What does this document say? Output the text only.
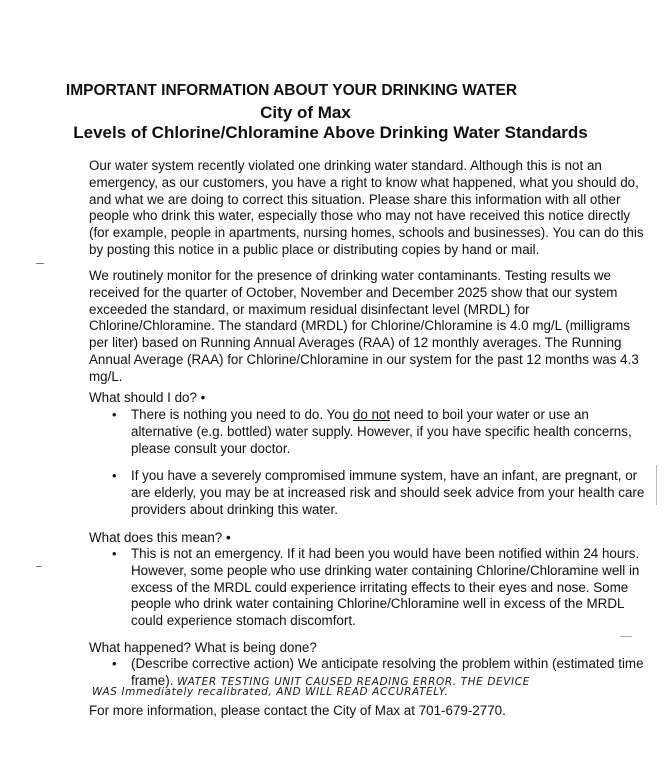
IMPORTANT INFORMATION ABOUT YOUR DRINKING WATER
City of Max
Levels of Chlorine/Chloramine Above Drinking Water Standards
Our water system recently violated one drinking water standard. Although this is not an emergency, as our customers, you have a right to know what happened, what you should do, and what we are doing to correct this situation. Please share this information with all other people who drink this water, especially those who may not have received this notice directly (for example, people in apartments, nursing homes, schools and businesses). You can do this by posting this notice in a public place or distributing copies by hand or mail.
We routinely monitor for the presence of drinking water contaminants. Testing results we received for the quarter of October, November and December 2025 show that our system exceeded the standard, or maximum residual disinfectant level (MRDL) for Chlorine/Chloramine. The standard (MRDL) for Chlorine/Chloramine is 4.0 mg/L (milligrams per liter) based on Running Annual Averages (RAA) of 12 monthly averages. The Running Annual Average (RAA) for Chlorine/Chloramine in our system for the past 12 months was 4.3 mg/L.
What should I do? •
• There is nothing you need to do. You do not need to boil your water or use an alternative (e.g. bottled) water supply. However, if you have specific health concerns, please consult your doctor.
• If you have a severely compromised immune system, have an infant, are pregnant, or are elderly, you may be at increased risk and should seek advice from your health care providers about drinking this water.
What does this mean? •
• This is not an emergency. If it had been you would have been notified within 24 hours. However, some people who use drinking water containing Chlorine/Chloramine well in excess of the MRDL could experience irritating effects to their eyes and nose. Some people who drink water containing Chlorine/Chloramine well in excess of the MRDL could experience stomach discomfort.
What happened? What is being done?
• (Describe corrective action) We anticipate resolving the problem within (estimated time frame). WATER TESTING UNIT CAUSED READING ERROR. THE DEVICE
WAS Immediately recalibrated, AND WILL READ ACCURATELY.
For more information, please contact the City of Max at 701-679-2770.
